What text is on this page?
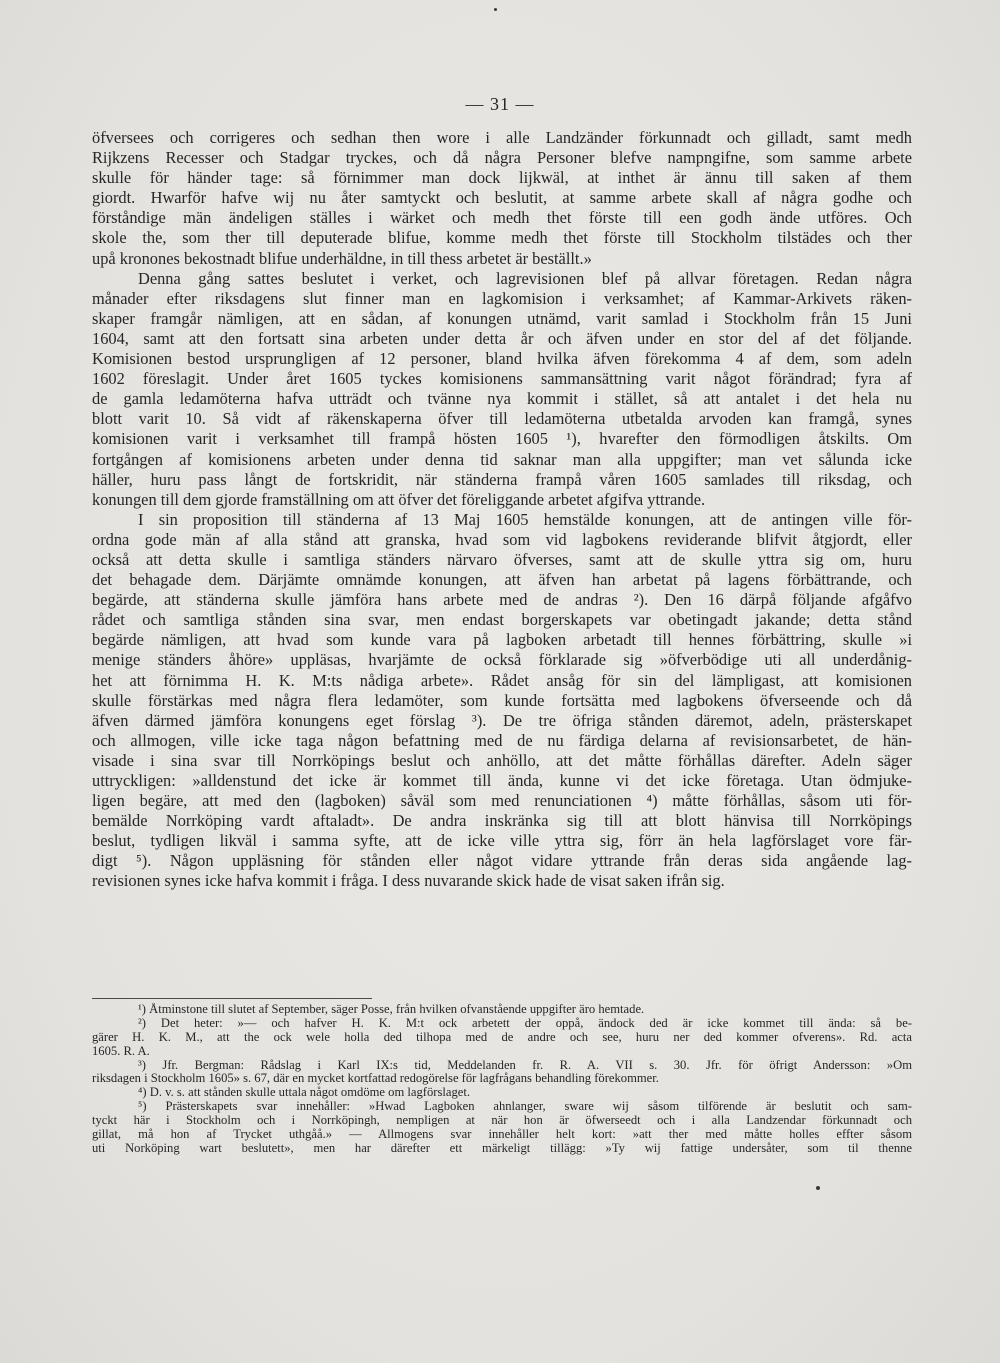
— 31 —
öfversees och corrigeres och sedhan then wore i alle Landzänder förkunnadt och gilladt, samt medh
Rijkzens Recesser och Stadgar tryckes, och då några Personer blefve nampngifne, som samme arbete
skulle för händer tage: så förnimmer man dock lijkwäl, at inthet är ännu till saken af them
giordt. Hwarför hafve wij nu åter samtyckt och beslutit, at samme arbete skall af några godhe och
förståndige män ändeligen ställes i wärket och medh thet förste till een godh ände utföres. Och
skole the, som ther till deputerade blifue, komme medh thet förste till Stockholm tilstädes och ther
upå kronones bekostnadt blifue underhäldne, in till thess arbetet är beställt.»
Denna gång sattes beslutet i verket, och lagrevisionen blef på allvar företagen. Redan några
månader efter riksdagens slut finner man en lagkomision i verksamhet; af Kammar-Arkivets räken-
skaper framgår nämligen, att en sådan, af konungen utnämd, varit samlad i Stockholm från 15 Juni
1604, samt att den fortsatt sina arbeten under detta år och äfven under en stor del af det följande.
Komisionen bestod ursprungligen af 12 personer, bland hvilka äfven förekomma 4 af dem, som adeln
1602 föreslagit. Under året 1605 tyckes komisionens sammansättning varit något förändrad; fyra af
de gamla ledamöterna hafva utträdt och tvänne nya kommit i stället, så att antalet i det hela nu
blott varit 10. Så vidt af räkenskaperna öfver till ledamöterna utbetalda arvoden kan framgå, synes
komisionen varit i verksamhet till frampå hösten 1605 ¹), hvarefter den förmodligen åtskilts. Om
fortgången af komisionens arbeten under denna tid saknar man alla uppgifter; man vet sålunda icke
häller, huru pass långt de fortskridit, när ständerna frampå våren 1605 samlades till riksdag, och
konungen till dem gjorde framställning om att öfver det föreliggande arbetet afgifva yttrande.
I sin proposition till ständerna af 13 Maj 1605 hemstälde konungen, att de antingen ville för-
ordna gode män af alla stånd att granska, hvad som vid lagbokens reviderande blifvit åtgjordt, eller
också att detta skulle i samtliga ständers närvaro öfverses, samt att de skulle yttra sig om, huru
det behagade dem. Därjämte omnämde konungen, att äfven han arbetat på lagens förbättrande, och
begärde, att ständerna skulle jämföra hans arbete med de andras ²). Den 16 därpå följande afgåfvo
rådet och samtliga stånden sina svar, men endast borgerskapets var obetingadt jakande; detta stånd
begärde nämligen, att hvad som kunde vara på lagboken arbetadt till hennes förbättring, skulle »i
menige ständers åhöre» uppläsas, hvarjämte de också förklarade sig »öfverbödige uti all underdånig-
het att förnimma H. K. M:ts nådiga arbete». Rådet ansåg för sin del lämpligast, att komisionen
skulle förstärkas med några flera ledamöter, som kunde fortsätta med lagbokens öfverseende och då
äfven därmed jämföra konungens eget förslag ³). De tre öfriga stånden däremot, adeln, prästerskapet
och allmogen, ville icke taga någon befattning med de nu färdiga delarna af revisionsarbetet, de hän-
visade i sina svar till Norrköpings beslut och anhöllo, att det måtte förhållas därefter. Adeln säger
uttryckligen: »alldenstund det icke är kommet till ända, kunne vi det icke företaga. Utan ödmjuke-
ligen begäre, att med den (lagboken) såväl som med renunciationen ⁴) måtte förhållas, såsom uti för-
bemälde Norrköping vardt aftaladt». De andra inskränka sig till att blott hänvisa till Norrköpings
beslut, tydligen likväl i samma syfte, att de icke ville yttra sig, förr än hela lagförslaget vore fär-
digt ⁵). Någon uppläsning för stånden eller något vidare yttrande från deras sida angående lag-
revisionen synes icke hafva kommit i fråga. I dess nuvarande skick hade de visat saken ifrån sig.
¹) Åtminstone till slutet af September, säger Posse, från hvilken ofvanstående uppgifter äro hemtade.
²) Det heter: »— och hafver H. K. M:t ock arbetett der oppå, ändock ded är icke kommet till ända: så be-
gärer H. K. M., att the ock wele holla ded tilhopa med de andre och see, huru ner ded kommer ofverens». Rd. acta
1605. R. A.
³) Jfr. Bergman: Rådslag i Karl IX:s tid, Meddelanden fr. R. A. VII s. 30. Jfr. för öfrigt Andersson: »Om
riksdagen i Stockholm 1605» s. 67, där en mycket kortfattad redogörelse för lagfrågans behandling förekommer.
⁴) D. v. s. att stånden skulle uttala något omdöme om lagförslaget.
⁵) Prästerskapets svar innehåller: »Hwad Lagboken ahnlanger, sware wij såsom tilförende är beslutit och sam-
tyckt här i Stockholm och i Norrköpingh, nempligen at när hon är öfwerseedt och i alla Landzendar förkunnadt och
gillat, må hon af Trycket uthgåå.» — Allmogens svar innehåller helt kort: »att ther med måtte holles effter såsom
uti Norköping wart beslutett», men har därefter ett märkeligt tillägg: »Ty wij fattige undersåter, som til thenne
